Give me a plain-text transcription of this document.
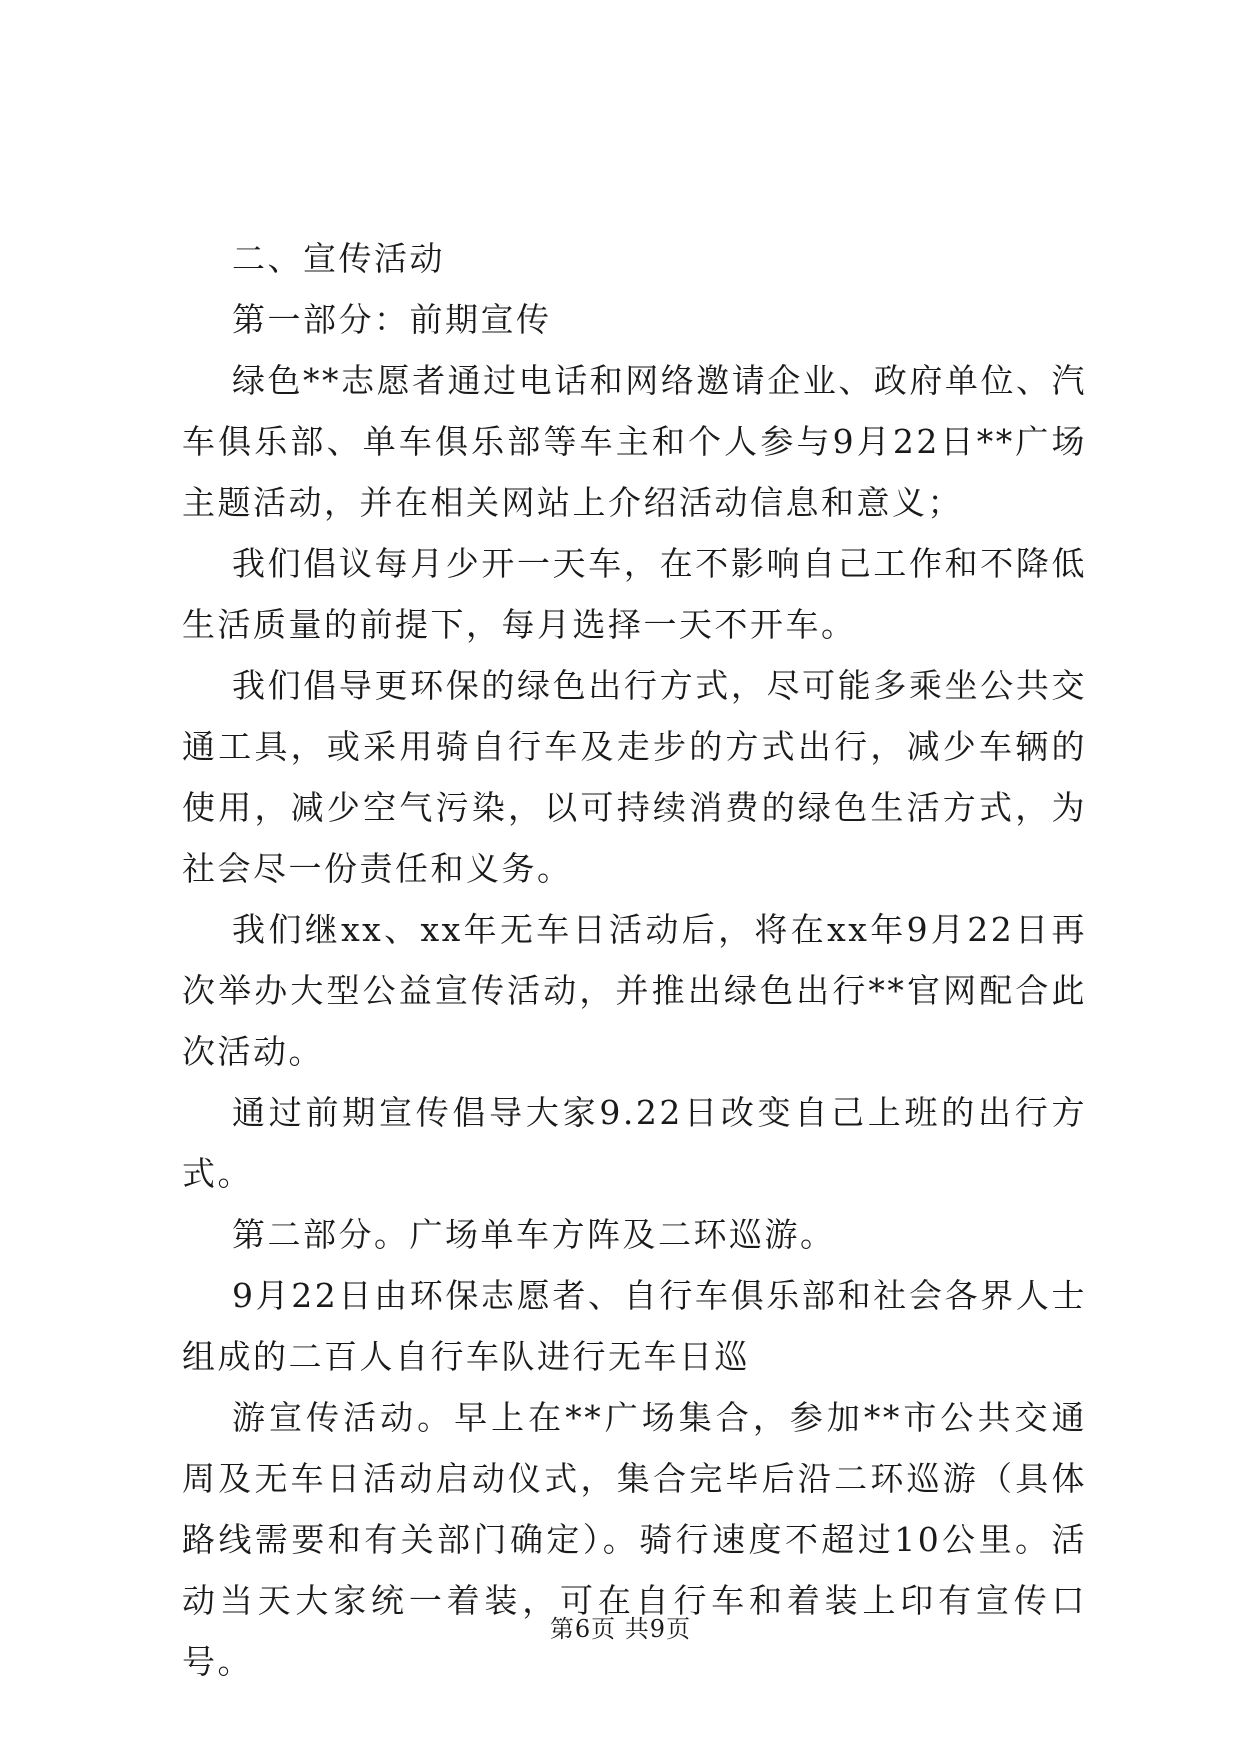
二、宣传活动

第一部分：前期宣传

绿色**志愿者通过电话和网络邀请企业、政府单位、汽车俱乐部、单车俱乐部等车主和个人参与9月22日**广场主题活动，并在相关网站上介绍活动信息和意义；

我们倡议每月少开一天车，在不影响自己工作和不降低生活质量的前提下，每月选择一天不开车。

我们倡导更环保的绿色出行方式，尽可能多乘坐公共交通工具，或采用骑自行车及走步的方式出行，减少车辆的使用，减少空气污染，以可持续消费的绿色生活方式，为社会尽一份责任和义务。

我们继xx、xx年无车日活动后，将在xx年9月22日再次举办大型公益宣传活动，并推出绿色出行**官网配合此次活动。

通过前期宣传倡导大家9.22日改变自己上班的出行方式。

第二部分。广场单车方阵及二环巡游。

9月22日由环保志愿者、自行车俱乐部和社会各界人士组成的二百人自行车队进行无车日巡

游宣传活动。早上在**广场集合，参加**市公共交通周及无车日活动启动仪式，集合完毕后沿二环巡游（具体路线需要和有关部门确定）。骑行速度不超过10公里。活动当天大家统一着装，可在自行车和着装上印有宣传口号。

第6页 共9页
